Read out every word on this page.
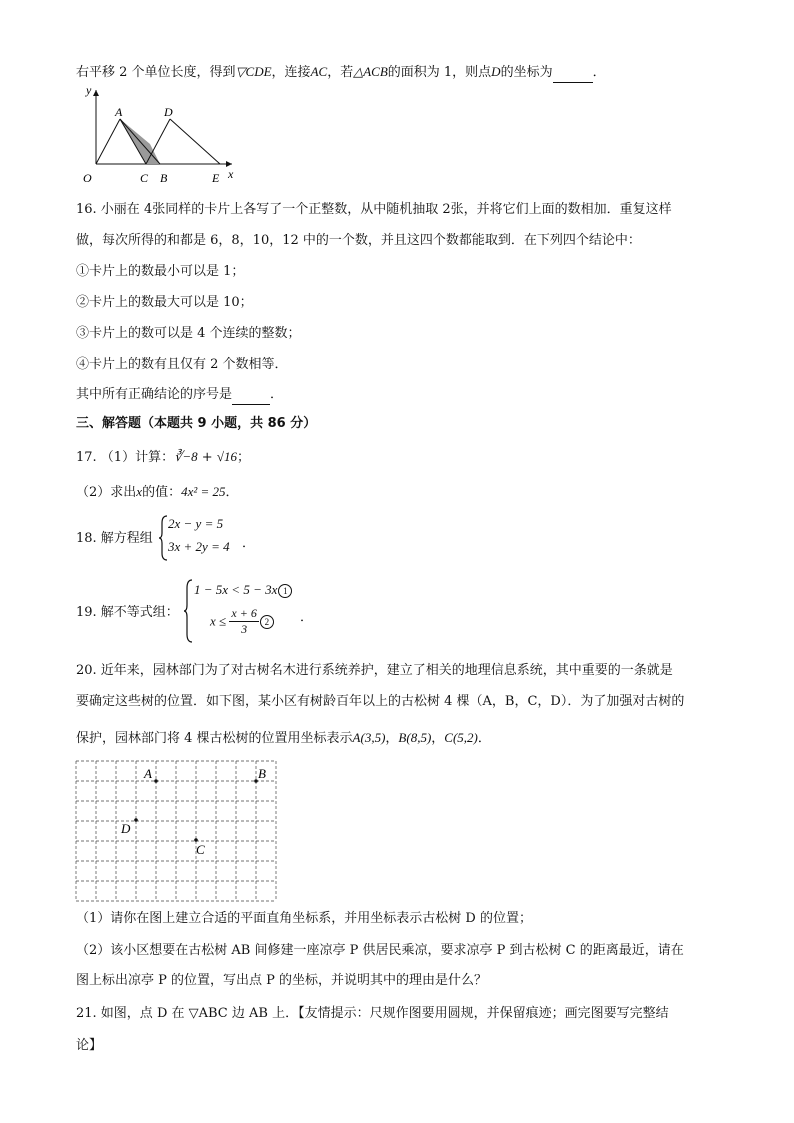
右平移 2 个单位长度，得到▽CDE，连接AC，若△ACB的面积为 1，则点D的坐标为	．
y
x
O
A
C B
D
E
16. 小丽在 4张同样的卡片上各写了一个正整数，从中随机抽取 2张，并将它们上面的数相加．重复这样
做，每次所得的和都是 6，8，10，12 中的一个数，并且这四个数都能取到．在下列四个结论中：
①卡片上的数最小可以是 1；
②卡片上的数最大可以是 10；
③卡片上的数可以是 4 个连续的整数；
④卡片上的数有且仅有 2 个数相等．
其中所有正确结论的序号是	．
三、解答题（本题共 9 小题，共 86 分）
17. （1）计算：∛−8 + √16；
（2）求出x的值：4x² = 25．
18. 解方程组
2x − y = 5
3x + 2y = 4 ．
19. 解不等式组：
1 − 5x < 5 − 3x 1
$x \le \frac{x + 6}{3} 2$	．
20. 近年来，园林部门为了对古树名木进行系统养护，建立了相关的地理信息系统，其中重要的一条就是
要确定这些树的位置．如下图，某小区有树龄百年以上的古松树 4 棵（A，B，C，D）．为了加强对古树的
保护，园林部门将 4 棵古松树的位置用坐标表示A(3,5)，B(8,5)，C(5,2)．
A	B
C
D
（1）请你在图上建立合适的平面直角坐标系，并用坐标表示古松树 D 的位置；
（2）该小区想要在古松树 AB 间修建一座凉亭 P 供居民乘凉，要求凉亭 P 到古松树 C 的距离最近，请在
图上标出凉亭 P 的位置，写出点 P 的坐标，并说明其中的理由是什么？
21. 如图，点 D 在 ▽ABC 边 AB 上．【友情提示：尺规作图要用圆规，并保留痕迹；画完图要写完整结
论】
